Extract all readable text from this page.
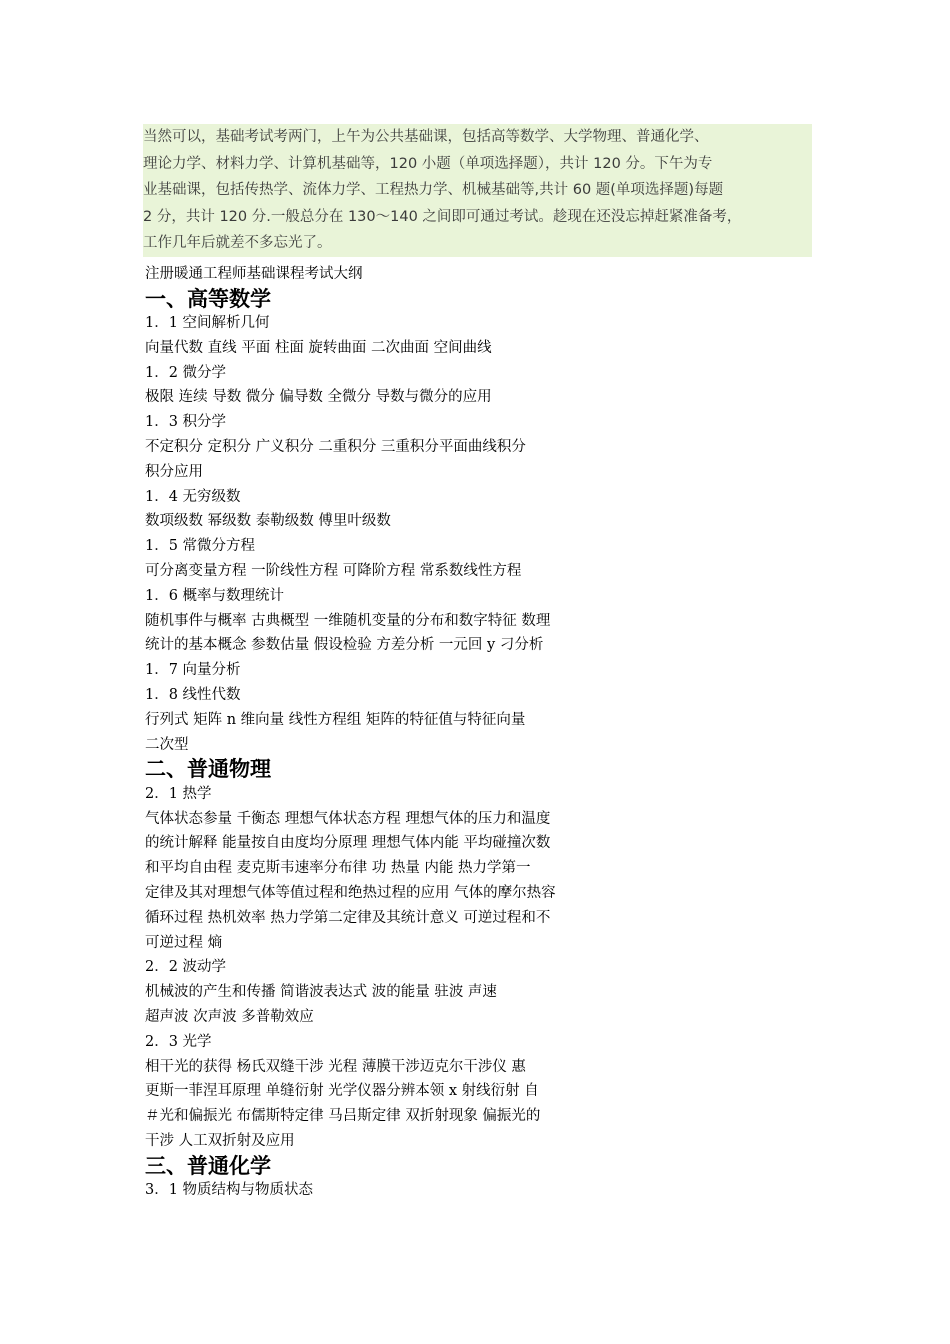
当然可以，基础考试考两门，上午为公共基础课，包括高等数学、大学物理、普通化学、
理论力学、材料力学、计算机基础等，120 小题（单项选择题），共计 120 分。下午为专
业基础课，包括传热学、流体力学、工程热力学、机械基础等,共计 60 题(单项选择题)每题
2 分，共计 120 分.一般总分在 130～140 之间即可通过考试。趁现在还没忘掉赶紧准备考，
工作几年后就差不多忘光了。
注册暖通工程师基础课程考试大纲
一、高等数学
1．1 空间解析几何
向量代数 直线 平面 柱面 旋转曲面 二次曲面 空间曲线
1．2 微分学
极限 连续 导数 微分 偏导数 全微分 导数与微分的应用
1．3 积分学
不定积分 定积分 广义积分 二重积分 三重积分平面曲线积分
积分应用
1．4 无穷级数
数项级数 幂级数 泰勒级数 傅里叶级数
1．5 常微分方程
可分离变量方程 一阶线性方程 可降阶方程 常系数线性方程
1．6 概率与数理统计
随机事件与概率 古典概型 一维随机变量的分布和数字特征 数理
统计的基本概念 参数估量 假设检验 方差分析 一元回 y 刁分析
1．7 向量分析
1．8 线性代数
行列式 矩阵 n 维向量 线性方程组 矩阵的特征值与特征向量
二次型
二、普通物理
2．1 热学
气体状态参量 千衡态 理想气体状态方程 理想气体的压力和温度
的统计解释 能量按自由度均分原理 理想气体内能 平均碰撞次数
和平均自由程 麦克斯韦速率分布律 功 热量 内能 热力学第一
定律及其对理想气体等值过程和绝热过程的应用 气体的摩尔热容
循环过程 热机效率 热力学第二定律及其统计意义 可逆过程和不
可逆过程 熵
2．2 波动学
机械波的产生和传播 简谐波表达式 波的能量 驻波 声速
超声波 次声波 多普勒效应
2．3 光学
相干光的获得 杨氏双缝干涉 光程 薄膜干涉迈克尔干涉仪 惠
更斯一菲涅耳原理 单缝衍射 光学仪器分辨本领 x 射线衍射 自
＃光和偏振光 布儒斯特定律 马吕斯定律 双折射现象 偏振光的
干涉 人工双折射及应用
三、普通化学
3．1 物质结构与物质状态
